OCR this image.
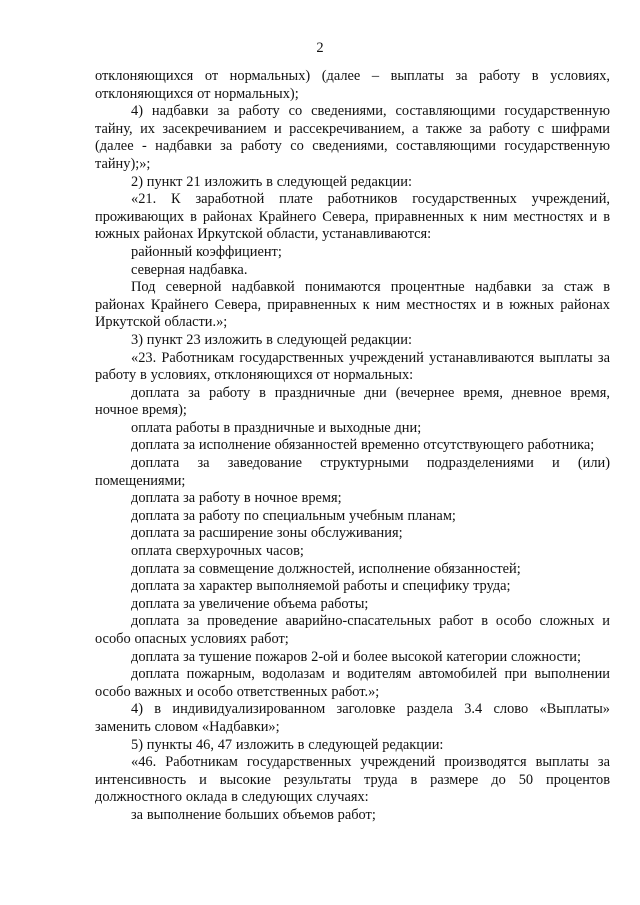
2

отклоняющихся от нормальных) (далее – выплаты за работу в условиях, отклоняющихся от нормальных);

4) надбавки за работу со сведениями, составляющими государственную тайну, их засекречиванием и рассекречиванием, а также за работу с шифрами (далее - надбавки за работу со сведениями, составляющими государственную тайну);»;

2) пункт 21 изложить в следующей редакции:

«21. К заработной плате работников государственных учреждений, проживающих в районах Крайнего Севера, приравненных к ним местностях и в южных районах Иркутской области, устанавливаются:

районный коэффициент;

северная надбавка.

Под северной надбавкой понимаются процентные надбавки за стаж в районах Крайнего Севера, приравненных к ним местностях и в южных районах Иркутской области.»;

3) пункт 23 изложить в следующей редакции:

«23. Работникам государственных учреждений устанавливаются выплаты за работу в условиях, отклоняющихся от нормальных:

доплата за работу в праздничные дни (вечернее время, дневное время, ночное время);

оплата работы в праздничные и выходные дни;

доплата за исполнение обязанностей временно отсутствующего работника;

доплата за заведование структурными подразделениями и (или) помещениями;

доплата за работу в ночное время;

доплата за работу по специальным учебным планам;

доплата за расширение зоны обслуживания;

оплата сверхурочных часов;

доплата за совмещение должностей, исполнение обязанностей;

доплата за характер выполняемой работы и специфику труда;

доплата за увеличение объема работы;

доплата за проведение аварийно-спасательных работ в особо сложных и особо опасных условиях работ;

доплата за тушение пожаров 2-ой и более высокой категории сложности;

доплата пожарным, водолазам и водителям автомобилей при выполнении особо важных и особо ответственных работ.»;

4) в индивидуализированном заголовке раздела 3.4 слово «Выплаты» заменить словом «Надбавки»;

5) пункты 46, 47 изложить в следующей редакции:

«46. Работникам государственных учреждений производятся выплаты за интенсивность и высокие результаты труда в размере до 50 процентов должностного оклада в следующих случаях:

за выполнение больших объемов работ;
